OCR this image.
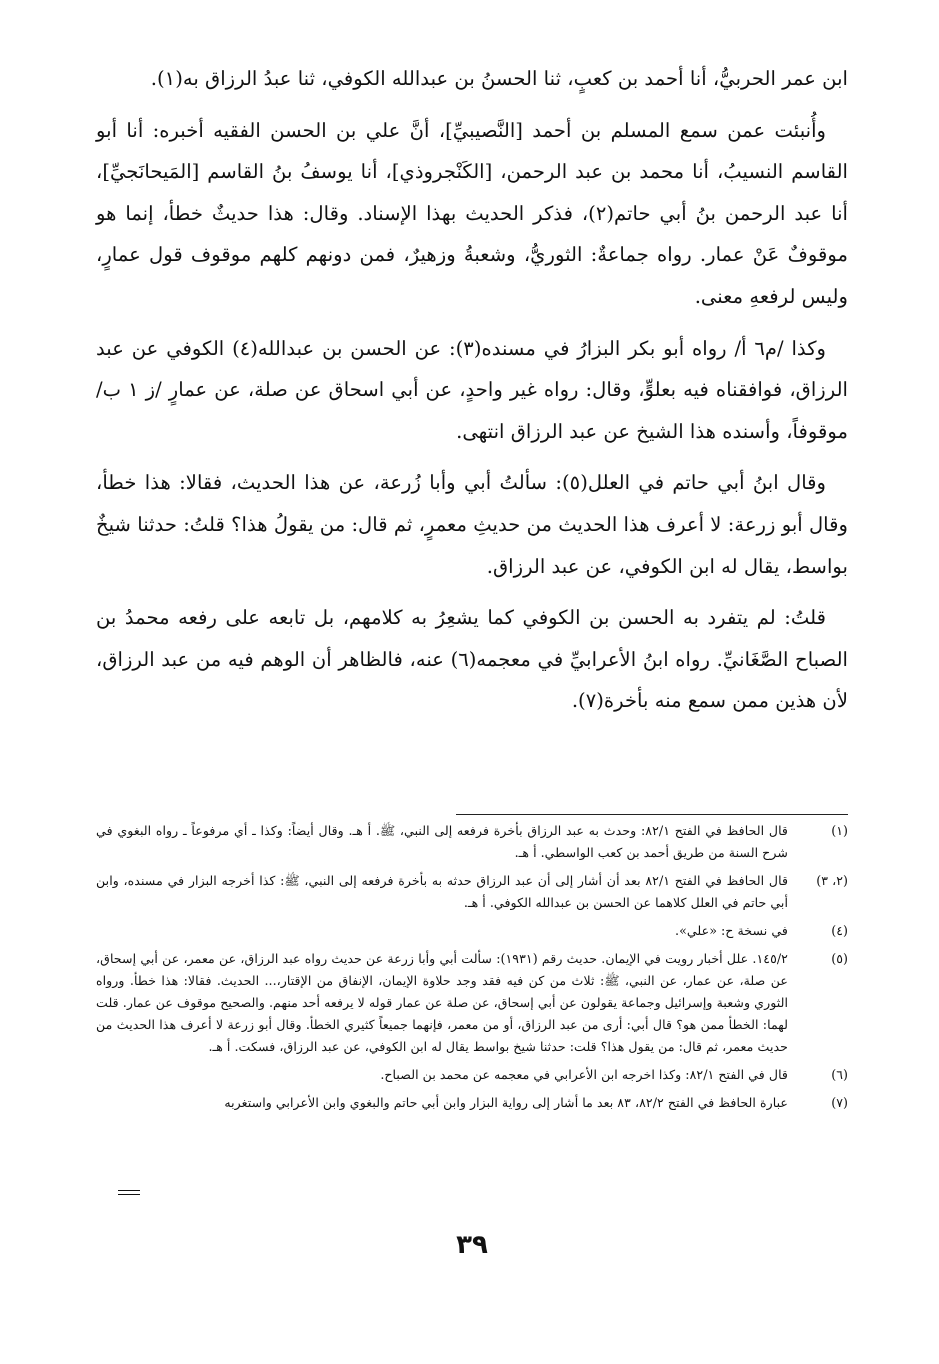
ابن عمر الحربيُّ، أنا أحمد بن كعبٍ، ثنا الحسنُ بن عبدالله الكوفي، ثنا عبدُ الرزاق به(١).

وأُنبئت عمن سمع المسلم بن أحمد [النَّصيبيِّ]، أنَّ علي بن الحسن الفقيه أخبره: أنا أبو القاسم النسيبُ، أنا محمد بن عبد الرحمن، [الكَنْجروذي]، أنا يوسفُ بنُ القاسم [المَيحانَجيِّ]، أنا عبد الرحمن بنُ أبي حاتم(٢)، فذكر الحديث بهذا الإسناد. وقال: هذا حديثٌ خطأ، إنما هو موقوفٌ عَنْ عمار. رواه جماعةٌ: الثوريُّ، وشعبةُ وزهيرٌ، فمن دونهم كلهم موقوف قول عمارٍ، وليس لرفعهِ معنى.

وكذا /م٦ أ/ رواه أبو بكر البزارُ في مسنده(٣): عن الحسن بن عبدالله(٤) الكوفي عن عبد الرزاق، فوافقناه فيه بعلوٍّ، وقال: رواه غير واحدٍ، عن أبي اسحاق عن صلة، عن عمارٍ /ز ١ ب/ موقوفاً، وأسنده هذا الشيخ عن عبد الرزاق انتهى.

وقال ابنُ أبي حاتم في العلل(٥): سألتُ أبي وأبا زُرعة، عن هذا الحديث، فقالا: هذا خطأ، وقال أبو زرعة: لا أعرف هذا الحديث من حديثِ معمرٍ، ثم قال: من يقولُ هذا؟ قلتُ: حدثنا شيخٌ بواسط، يقال له ابن الكوفي، عن عبد الرزاق.

قلتُ: لم يتفرد به الحسن بن الكوفي كما يشعِرُ به كلامهم، بل تابعه على رفعه محمدُ بن الصباح الصَّغَانيِّ. رواه ابنُ الأعرابيِّ في معجمه(٦) عنه، فالظاهر أن الوهم فيه من عبد الرزاق، لأن هذين ممن سمع منه بأخرة(٧).

(١)
قال الحافظ في الفتح ٨٢/١: وحدث به عبد الرزاق بأخرة فرفعه إلى النبي، ﷺ. أ هـ. وقال أيضاً: وكذا ـ أي مرفوعاً ـ رواه البغوي في شرح السنة من طريق أحمد بن كعب الواسطي. أ هـ.
(٢، ٣)
قال الحافظ في الفتح ٨٢/١ بعد أن أشار إلى أن عبد الرزاق حدثه به بأخرة فرفعه إلى النبي، ﷺ: كذا أخرجه البزار في مسنده، وابن أبي حاتم في العلل كلاهما عن الحسن بن عبدالله الكوفي. أ هـ.
(٤)
في نسخة ح: «علي».
(٥)
١٤٥/٢. علل أخبار رويت في الإيمان. حديث رقم (١٩٣١): سألت أبي وأبا زرعة عن حديث رواه عبد الرزاق، عن معمر، عن أبي إسحاق، عن صلة، عن عمار، عن النبي، ﷺ: ثلاث من كن فيه فقد وجد حلاوة الإيمان، الإنفاق من الإقتار،... الحديث. فقالا: هذا خطأ. ورواه الثوري وشعبة وإسرائيل وجماعة يقولون عن أبي إسحاق، عن صلة عن عمار قوله لا يرفعه أحد منهم. والصحيح موقوف عن عمار. قلت لهما: الخطأ ممن هو؟ قال أبي: أرى من عبد الرزاق، أو من معمر، فإنهما جميعاً كثيري الخطأ. وقال أبو زرعة لا أعرف هذا الحديث من حديث معمر، ثم قال: من يقول هذا؟ قلت: حدثنا شيخ بواسط يقال له ابن الكوفي، عن عبد الرزاق، فسكت. أ هـ.
(٦)
قال في الفتح ٨٢/١: وكذا اخرجه ابن الأعرابي في معجمه عن محمد بن الصباح.
(٧)
عبارة الحافظ في الفتح ٨٢/٢، ٨٣ بعد ما أشار إلى رواية البزار وابن أبي حاتم والبغوي وابن الأعرابي واستغربه
٣٩
